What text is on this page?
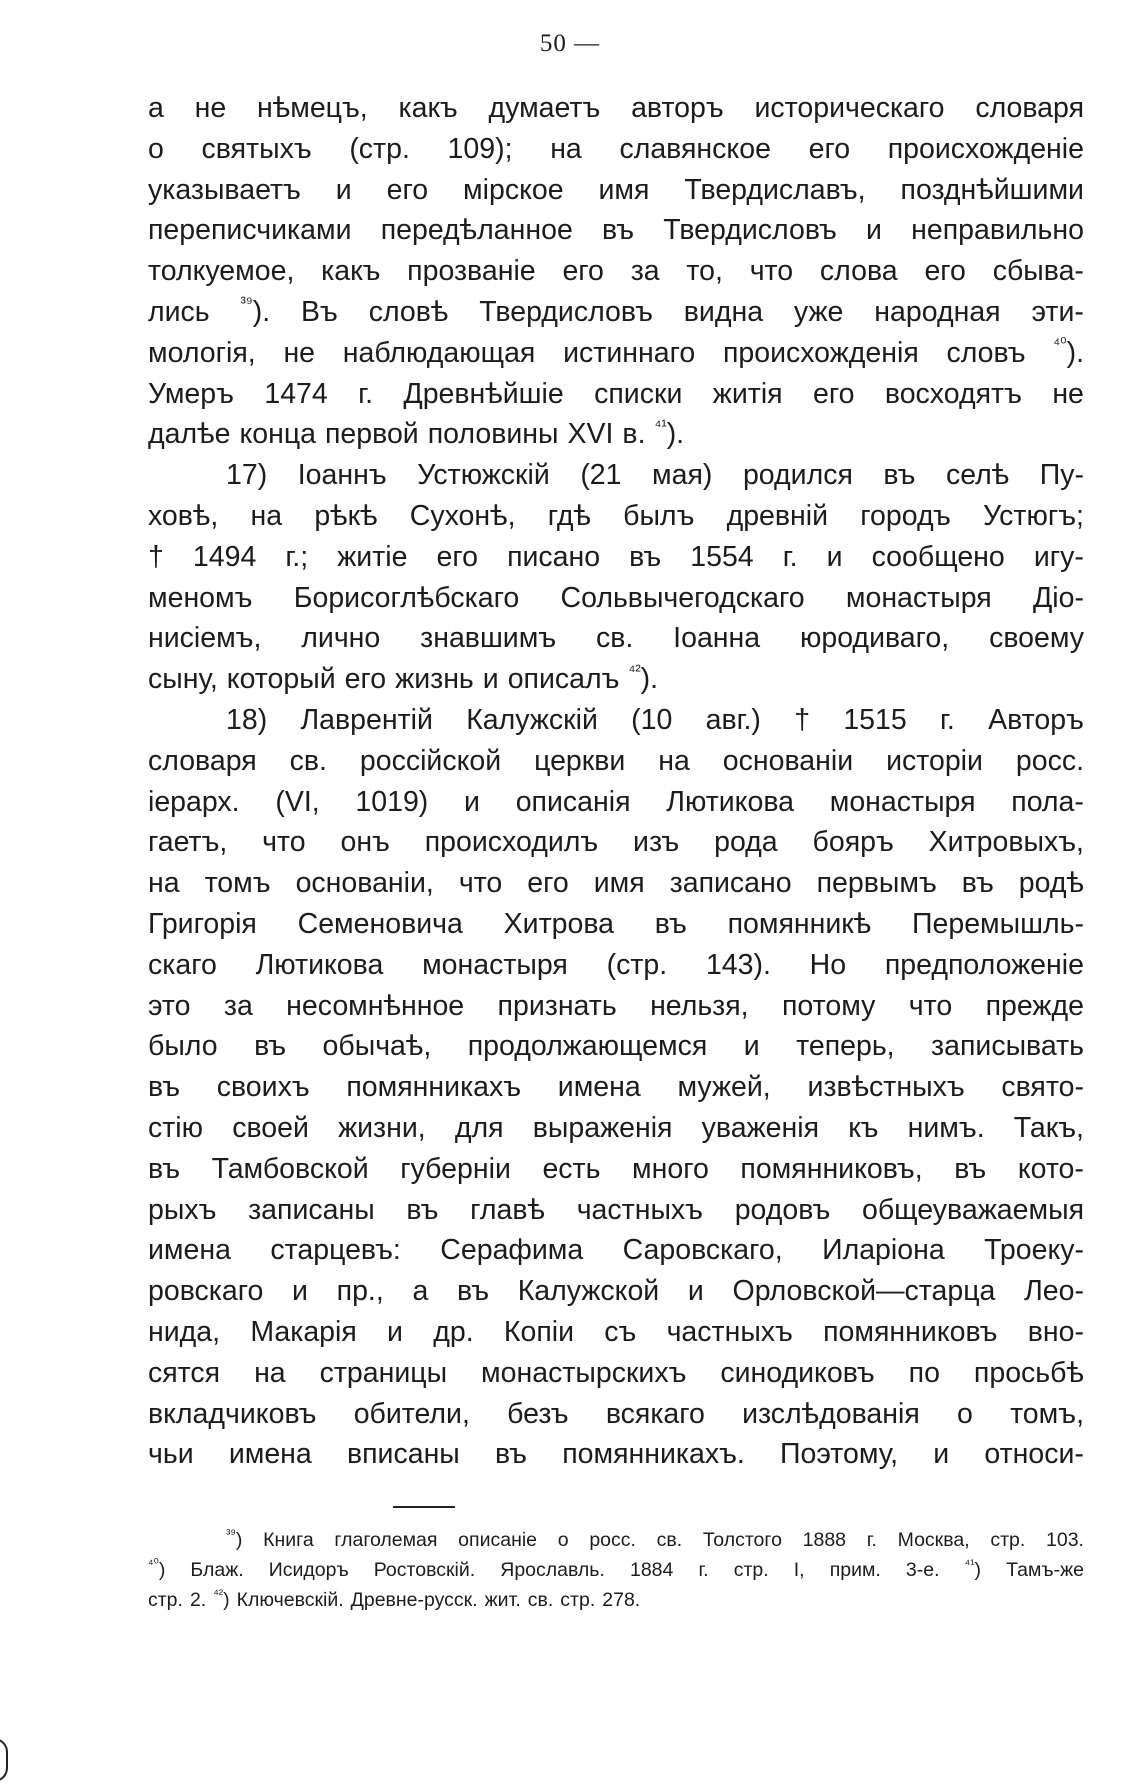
50 —
а не нѣмецъ, какъ думаетъ авторъ историческаго словаря
о святыхъ (стр. 109); на славянское его происхожденіе
указываетъ и его мірское имя Твердиславъ, позднѣйшими
переписчиками передѣланное въ Твердисловъ и неправильно
толкуемое, какъ прозваніе его за то, что слова его сбыва-
лись $^{^{39}}$). Въ словѣ Твердисловъ видна уже народная эти-
мологія, не наблюдающая истиннаго происхожденія словъ $^{^{40}}$).
Умеръ 1474 г. Древнѣйшіе списки житія его восходятъ не
далѣе конца первой половины XVI в. $^{^{41}}$).
17) Іоаннъ Устюжскій (21 мая) родился въ селѣ Пу-
ховѣ, на рѣкѣ Сухонѣ, гдѣ былъ древній городъ Устюгъ;
† 1494 г.; житіе его писано въ 1554 г. и сообщено игу-
меномъ Борисоглѣбскаго Сольвычегодскаго монастыря Діо-
нисіемъ, лично знавшимъ св. Іоанна юродиваго, своему
сыну, который его жизнь и описалъ $^{^{42}}$).
18) Лаврентій Калужскій (10 авг.) † 1515 г. Авторъ
словаря св. россійской церкви на основаніи исторіи росс.
іерарх. (VI, 1019) и описанія Лютикова монастыря пола-
гаетъ, что онъ происходилъ изъ рода бояръ Хитровыхъ,
на томъ основаніи, что его имя записано первымъ въ родѣ
Григорія Семеновича Хитрова въ помянникѣ Перемышль-
скаго Лютикова монастыря (стр. 143). Но предположеніе
это за несомнѣнное признать нельзя, потому что прежде
было въ обычаѣ, продолжающемся и теперь, записывать
въ своихъ помянникахъ имена мужей, извѣстныхъ свято-
стію своей жизни, для выраженія уваженія къ нимъ. Такъ,
въ Тамбовской губерніи есть много помянниковъ, въ кото-
рыхъ записаны въ главѣ частныхъ родовъ общеуважаемыя
имена старцевъ: Серафима Саровскаго, Иларіона Троеку-
ровскаго и пр., а въ Калужской и Орловской—старца Лео-
нида, Макарія и др. Копіи съ частныхъ помянниковъ вно-
сятся на страницы монастырскихъ синодиковъ по просьбѣ
вкладчиковъ обители, безъ всякаго изслѣдованія о томъ,
чьи имена вписаны въ помянникахъ. Поэтому, и относи-
$^{^{39}}$) Книга глаголемая описаніе о росс. св. Толстого 1888 г. Москва, стр. 103.
$^{^{40}}$) Блаж. Исидоръ Ростовскій. Ярославль. 1884 г. стр. І, прим. 3-е. $^{^{41}}$) Тамъ-же
стр. 2. $^{^{42}}$) Ключевскій. Древне-русск. жит. св. стр. 278.
